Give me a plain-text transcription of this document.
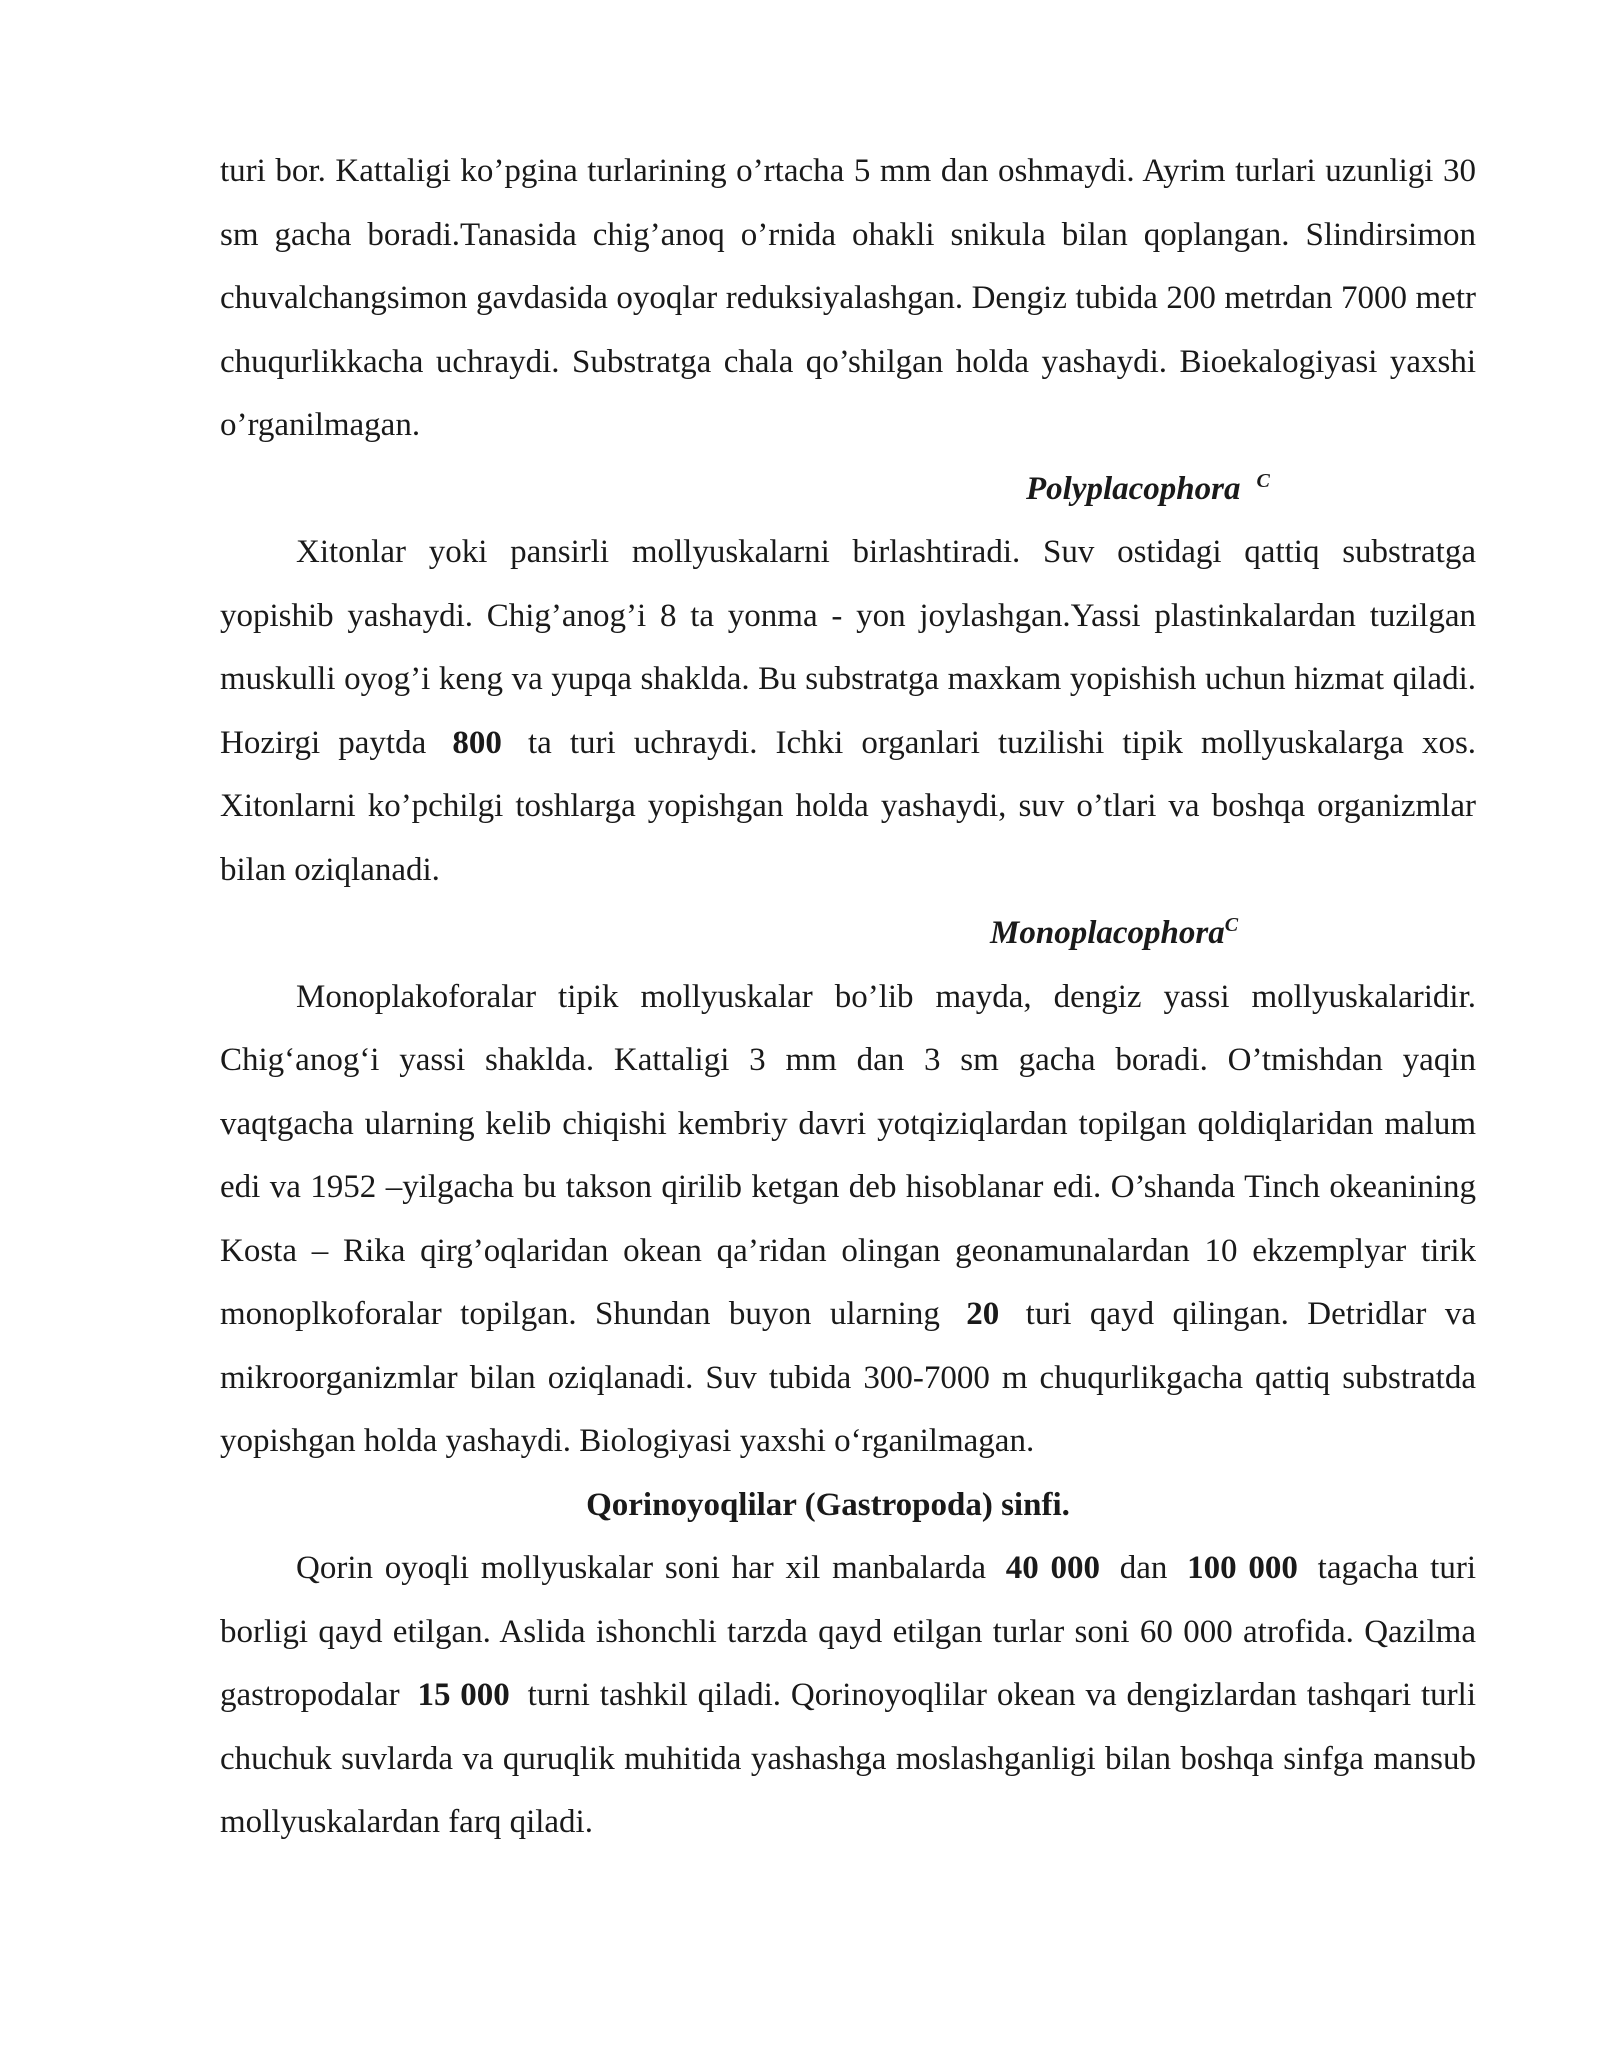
turi bor. Kattaligi ko’pgina turlarining o’rtacha 5 mm dan oshmaydi. Ayrim turlari uzunligi 30 sm gacha boradi.Tanasida chig’anoq o’rnida ohakli snikula bilan qoplangan. Slindirsimon chuvalchangsimon gavdasida oyoqlar reduksiyalashgan. Dengiz tubida 200 metrdan 7000 metr chuqurlikkacha uchraydi. Substratga chala qo’shilgan holda yashaydi. Bioekalogiyasi yaxshi o’rganilmagan.

Polyplacophora $^C$

Xitonlar yoki pansirli mollyuskalarni birlashtiradi. Suv ostidagi qattiq substratga yopishib yashaydi. Chig’anog’i 8 ta yonma - yon joylashgan.Yassi plastinkalardan tuzilgan muskulli oyog’i keng va yupqa shaklda. Bu substratga maxkam yopishish uchun hizmat qiladi. Hozirgi paytda 800 ta turi uchraydi. Ichki organlari tuzilishi tipik mollyuskalarga xos. Xitonlarni ko’pchilgi toshlarga yopishgan holda yashaydi, suv o’tlari va boshqa organizmlar bilan oziqlanadi.

Monoplacophora$^C$

Monoplakoforalar tipik mollyuskalar bo’lib mayda, dengiz yassi mollyuskalaridir. Chig‘anog‘i yassi shaklda. Kattaligi 3 mm dan 3 sm gacha boradi. O’tmishdan yaqin vaqtgacha ularning kelib chiqishi kembriy davri yotqiziqlardan topilgan qoldiqlaridan malum edi va 1952 –yilgacha bu takson qirilib ketgan deb hisoblanar edi. O’shanda Tinch okeanining Kosta – Rika qirg’oqlaridan okean qa’ridan olingan geonamunalardan 10 ekzemplyar tirik monoplkoforalar topilgan. Shundan buyon ularning 20 turi qayd qilingan. Detridlar va mikroorganizmlar bilan oziqlanadi. Suv tubida 300-7000 m chuqurlikgacha qattiq substratda yopishgan holda yashaydi. Biologiyasi yaxshi o‘rganilmagan.

Qorinoyoqlilar (Gastropoda) sinfi.

Qorin oyoqli mollyuskalar soni har xil manbalarda 40 000 dan 100 000 tagacha turi borligi qayd etilgan. Aslida ishonchli tarzda qayd etilgan turlar soni 60 000 atrofida. Qazilma gastropodalar 15 000 turni tashkil qiladi. Qorinoyoqlilar okean va dengizlardan tashqari turli chuchuk suvlarda va quruqlik muhitida yashashga moslashganligi bilan boshqa sinfga mansub mollyuskalardan farq qiladi.
